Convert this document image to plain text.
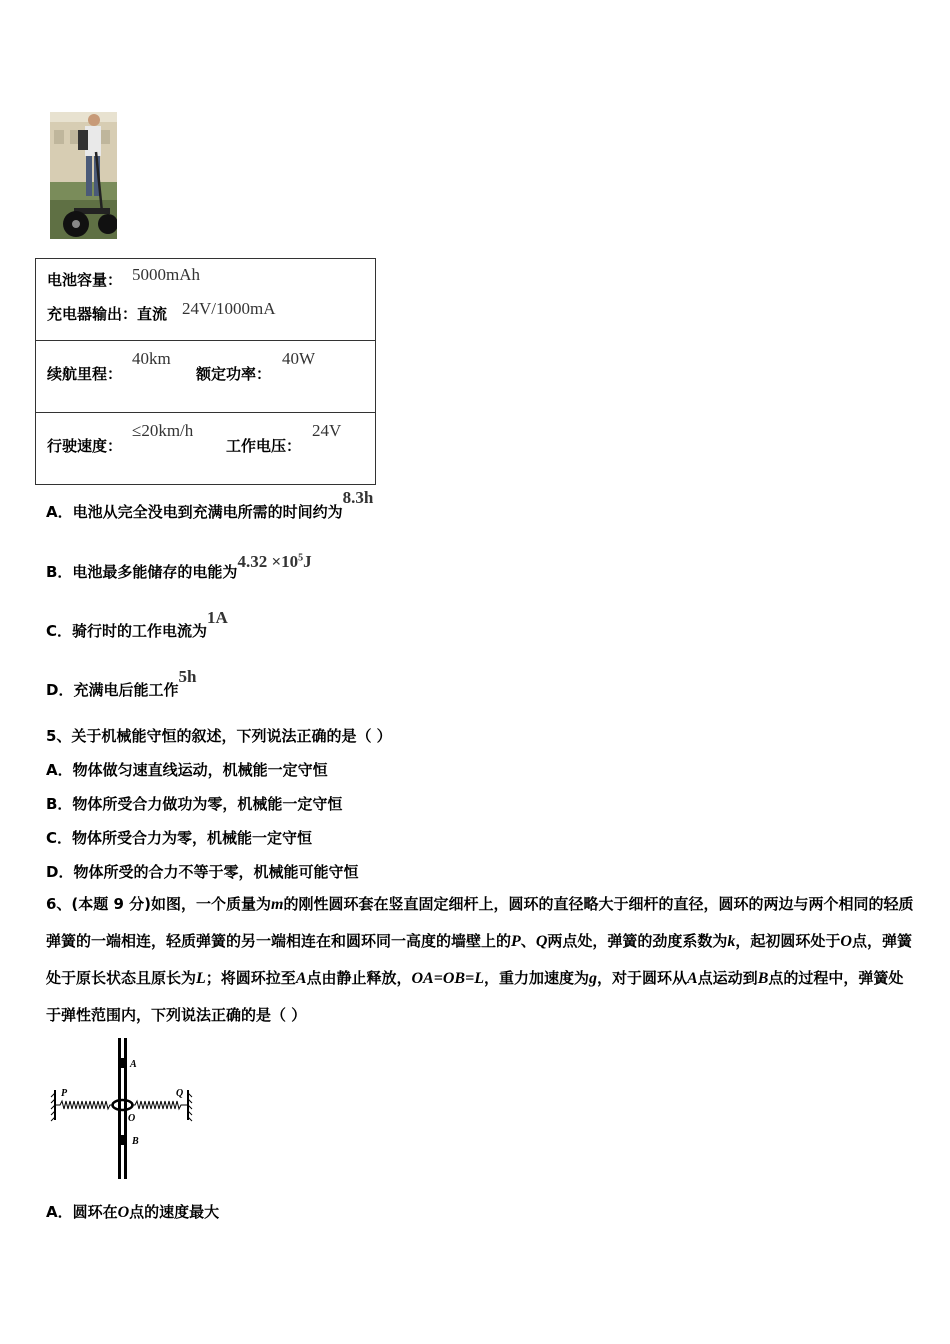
电池容量： 5000mAh
充电器输出：直流 24V/1000mA

续航里程：
40km
额定功率：
40W

行驶速度：
≤20km/h
工作电压：
24V
A．电池从完全没电到充满电所需的时间约为8.3h
B．电池最多能储存的电能为$4.32 \times 10^5J$
C．骑行时的工作电流为1A
D．充满电后能工作5h
5、关于机械能守恒的叙述，下列说法正确的是（ ）
A．物体做匀速直线运动，机械能一定守恒
B．物体所受合力做功为零，机械能一定守恒
C．物体所受合力为零，机械能一定守恒
D．物体所受的合力不等于零，机械能可能守恒
6、(本题 9 分)如图，一个质量为m的刚性圆环套在竖直固定细杆上，圆环的直径略大于细杆的直径，圆环的两边与两个相同的轻质弹簧的一端相连，轻质弹簧的另一端相连在和圆环同一高度的墙壁上的P、Q两点处，弹簧的劲度系数为k，起初圆环处于O点，弹簧处于原长状态且原长为L；将圆环拉至A点由静止释放，OA=OB=L，重力加速度为g，对于圆环从A点运动到B点的过程中，弹簧处于弹性范围内，下列说法正确的是（ ）
A
O
B
P	Q
A．圆环在O点的速度最大
